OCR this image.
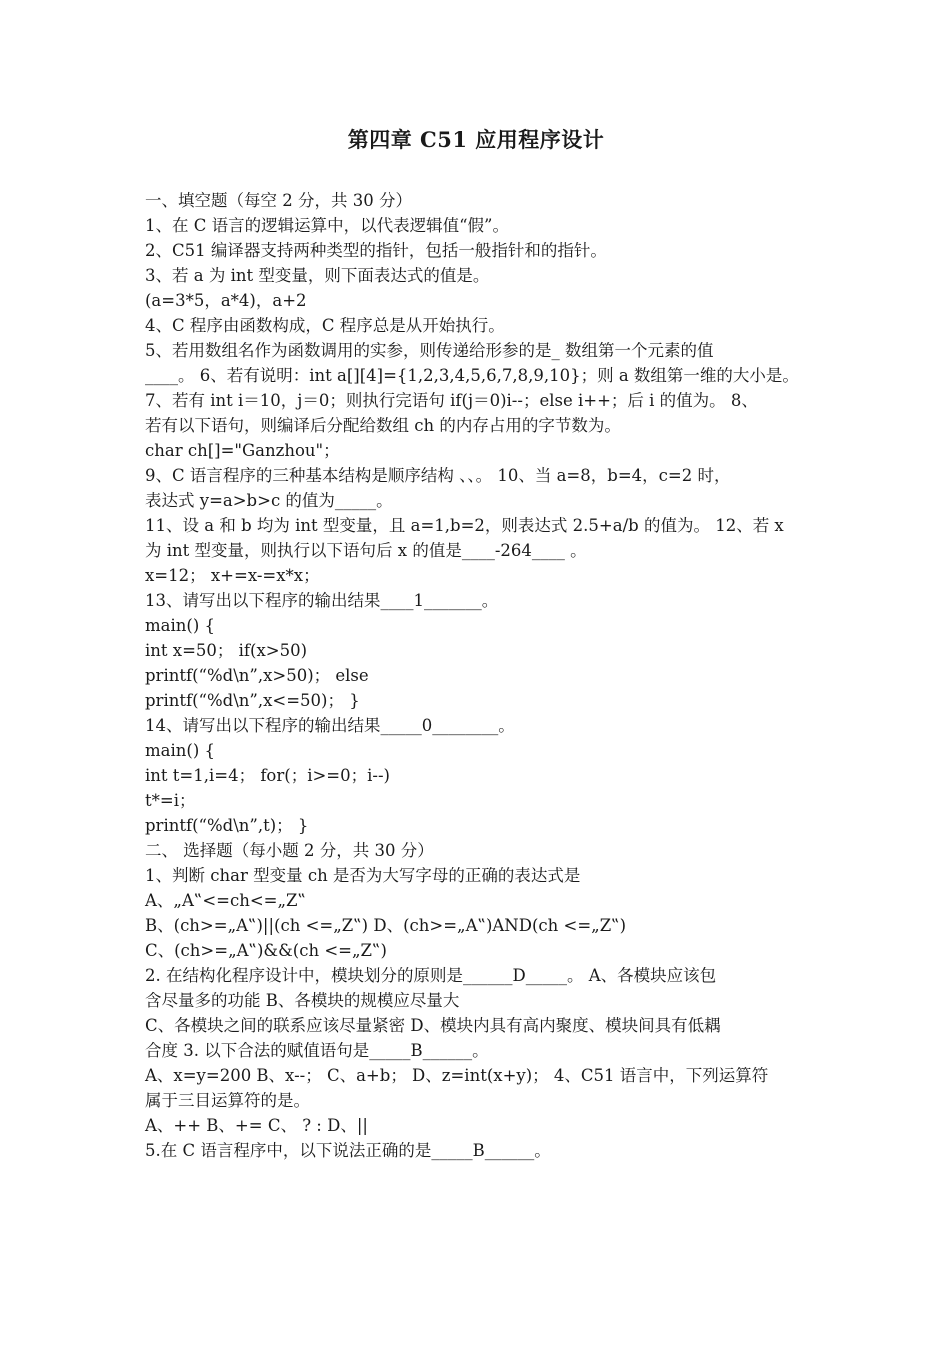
第四章 C51 应用程序设计
一、填空题（每空 2 分，共 30 分）
1、在 C 语言的逻辑运算中，以代表逻辑值“假”。
2、C51 编译器支持两种类型的指针，包括一般指针和的指针。
3、若 a 为 int 型变量，则下面表达式的值是。
(a=3*5，a*4)，a+2
4、C 程序由函数构成，C 程序总是从开始执行。
5、若用数组名作为函数调用的实参，则传递给形参的是_ 数组第一个元素的值
____。 6、若有说明：int a[][4]={1,2,3,4,5,6,7,8,9,10}；则 a 数组第一维的大小是。
7、若有 int i＝10，j＝0；则执行完语句 if(j＝0)i--；else i++；后 i 的值为。 8、
若有以下语句，则编译后分配给数组 ch 的内存占用的字节数为。
char ch[]="Ganzhou"；
9、C 语言程序的三种基本结构是顺序结构 、、。 10、当 a=8，b=4，c=2 时，
表达式 y=a>b>c 的值为_____。
11、设 a 和 b 均为 int 型变量，且 a=1,b=2，则表达式 2.5+a/b 的值为。 12、若 x
为 int 型变量，则执行以下语句后 x 的值是____-264____ 。
x=12； x+=x-=x*x；
13、请写出以下程序的输出结果____1_______。
main() {
int x=50； if(x>50)
printf(“%d\n”,x>50)； else
printf(“%d\n”,x<=50)； }
14、请写出以下程序的输出结果_____0________。
main() {
int t=1,i=4； for(；i>=0；i--)
t*=i；
printf(“%d\n”,t)； }
二、 选择题（每小题 2 分，共 30 分）
1、判断 char 型变量 ch 是否为大写字母的正确的表达式是
A、„A‟<=ch<=„Z‟
B、(ch>=„A‟)||(ch <=„Z‟) D、(ch>=„A‟)AND(ch <=„Z‟)
C、(ch>=„A‟)&&(ch <=„Z‟)
2. 在结构化程序设计中，模块划分的原则是______D_____。 A、各模块应该包
含尽量多的功能 B、各模块的规模应尽量大
C、各模块之间的联系应该尽量紧密 D、模块内具有高内聚度、模块间具有低耦
合度 3. 以下合法的赋值语句是_____B______。
A、x=y=200 B、x--； C、a+b； D、z=int(x+y)； 4、C51 语言中，下列运算符
属于三目运算符的是。
A、++ B、+= C、 ? : D、||
5.在 C 语言程序中，以下说法正确的是_____B______。
